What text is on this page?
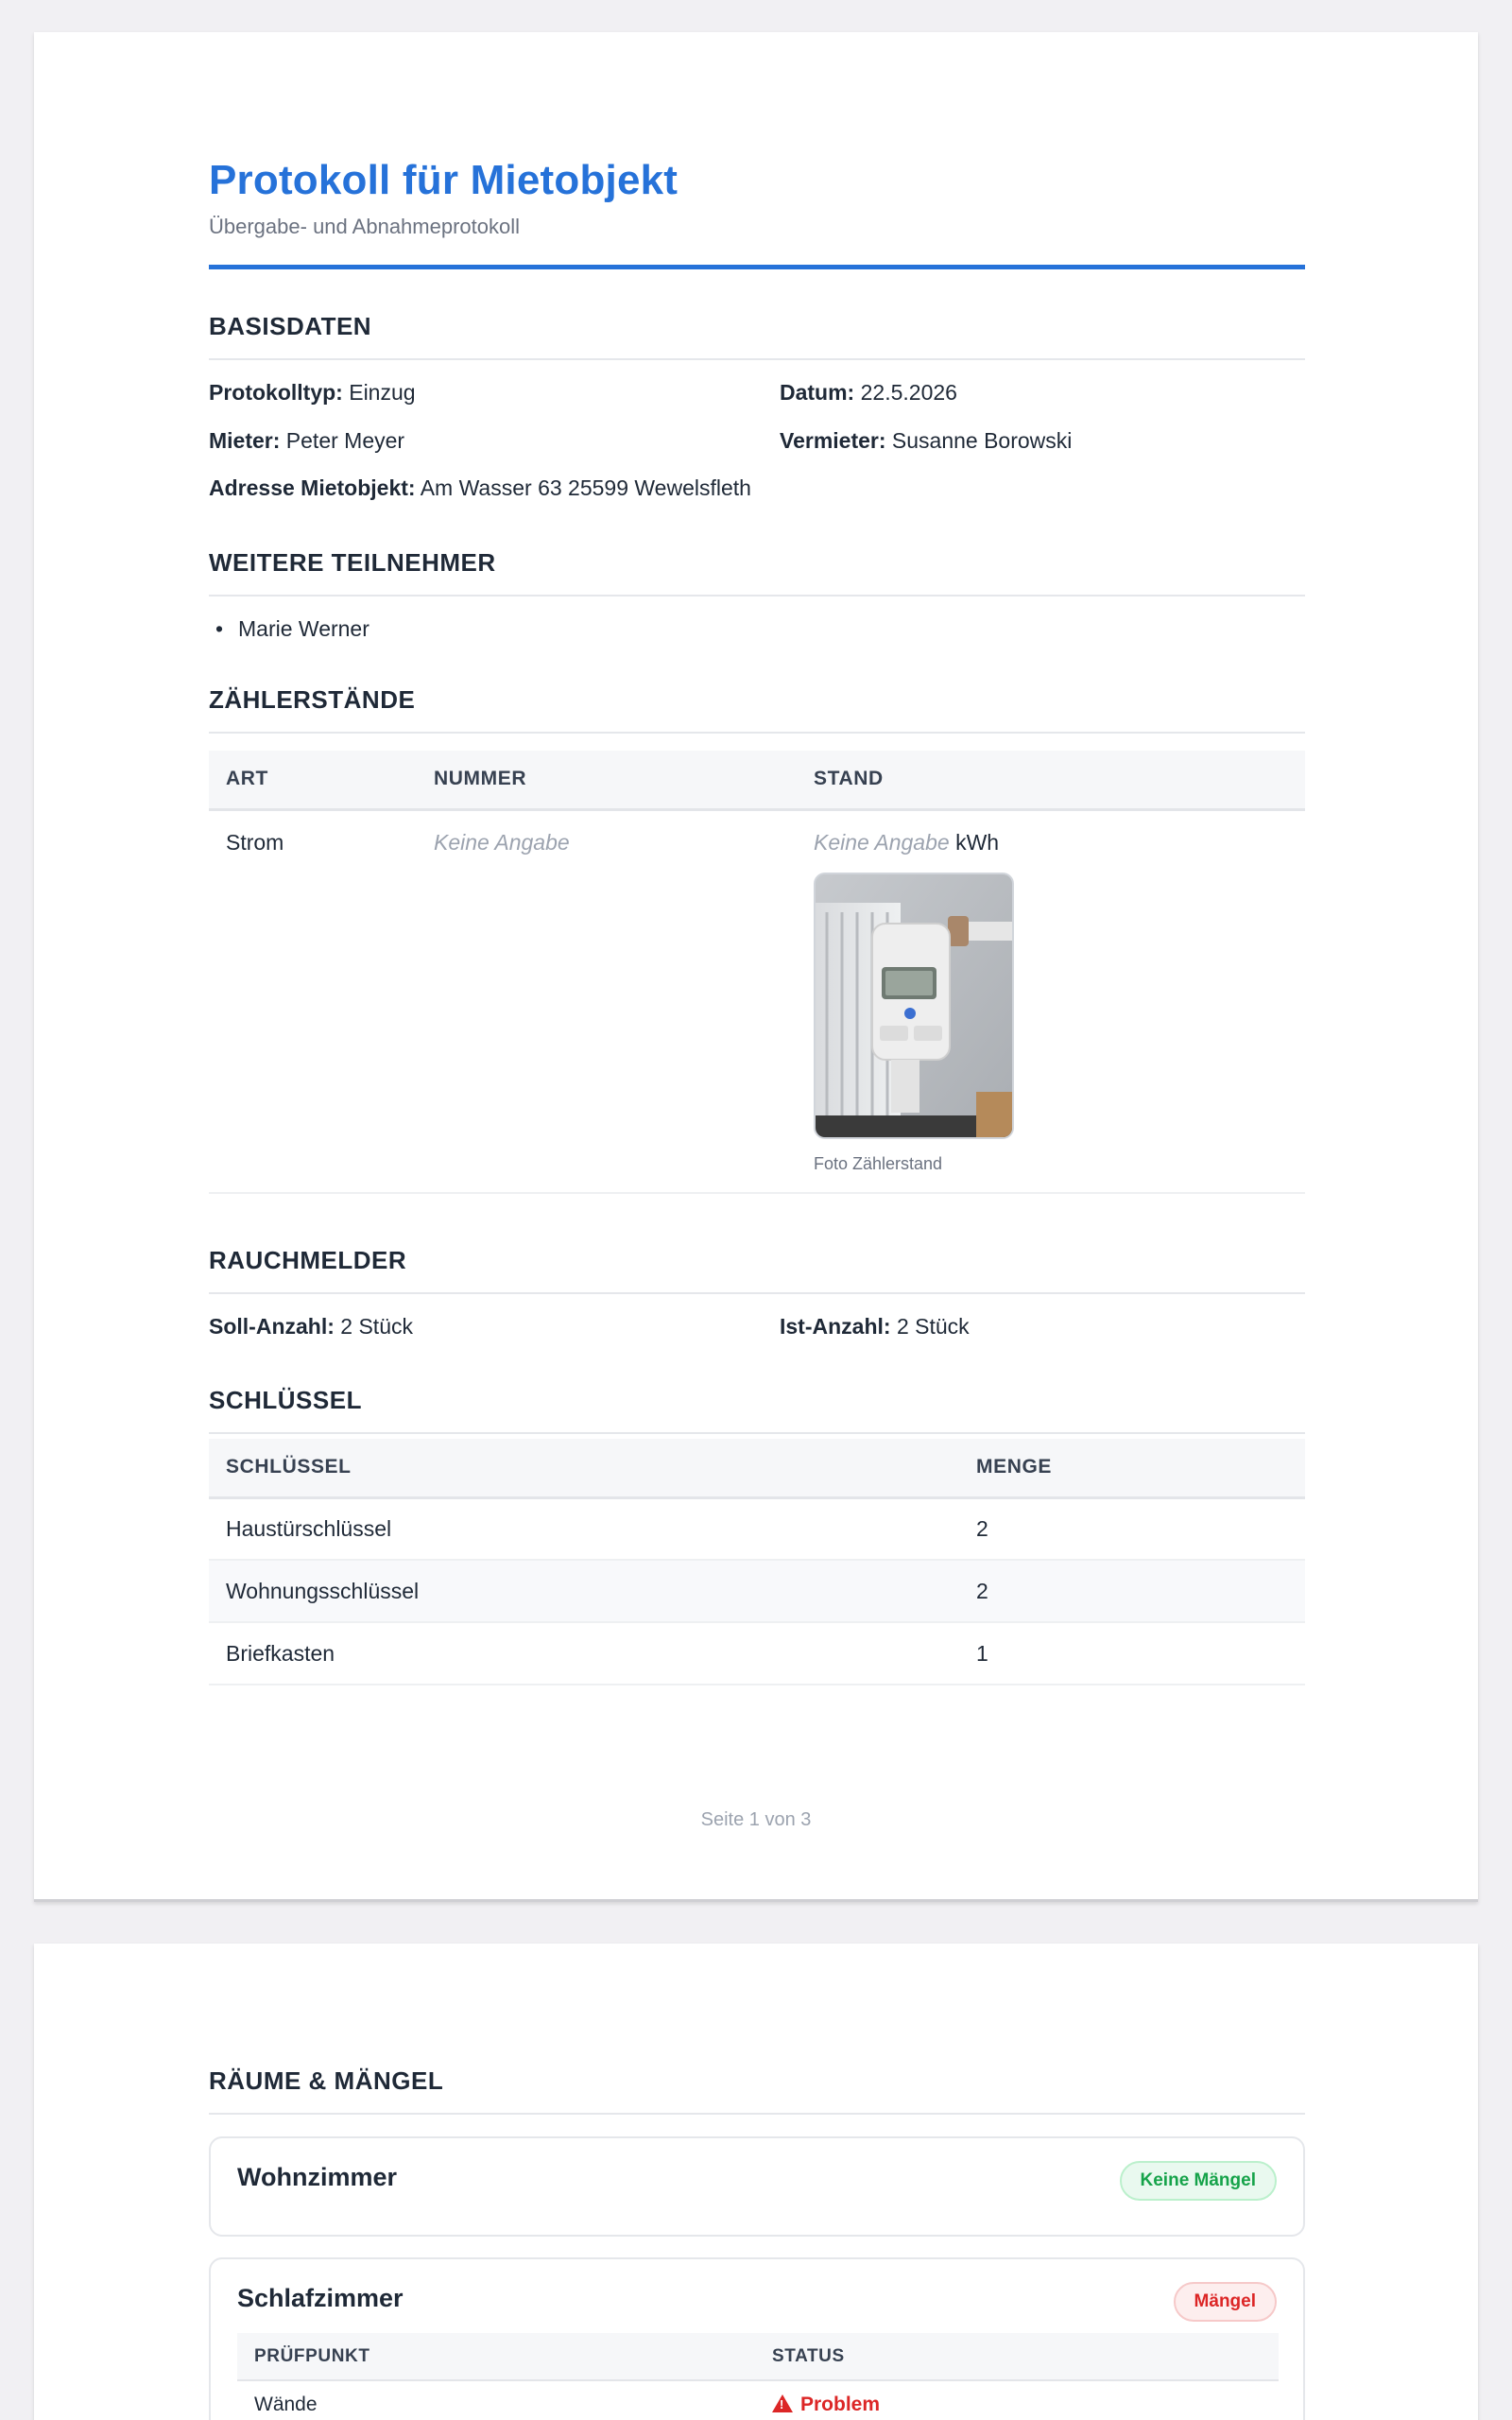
Protokoll für Mietobjekt
Übergabe- und Abnahmeprotokoll
BASISDATEN
Protokolltyp: Einzug	Datum: 22.5.2026
Mieter: Peter Meyer	Vermieter: Susanne Borowski
Adresse Mietobjekt: Am Wasser 63 25599 Wewelsfleth
WEITERE TEILNEHMER
• Marie Werner
ZÄHLERSTÄNDE
ART	NUMMER	STAND
Strom	Keine Angabe	Keine Angabe kWh
Foto Zählerstand
RAUCHMELDER
Soll-Anzahl: 2 Stück	Ist-Anzahl: 2 Stück
SCHLÜSSEL
SCHLÜSSEL	MENGE
Haustürschlüssel	2
Wohnungsschlüssel	2
Briefkasten	1
Seite 1 von 3
RÄUME & MÄNGEL
Wohnzimmer	Keine Mängel
Schlafzimmer	Mängel
PRÜFPUNKT	STATUS
Wände	!Problem
